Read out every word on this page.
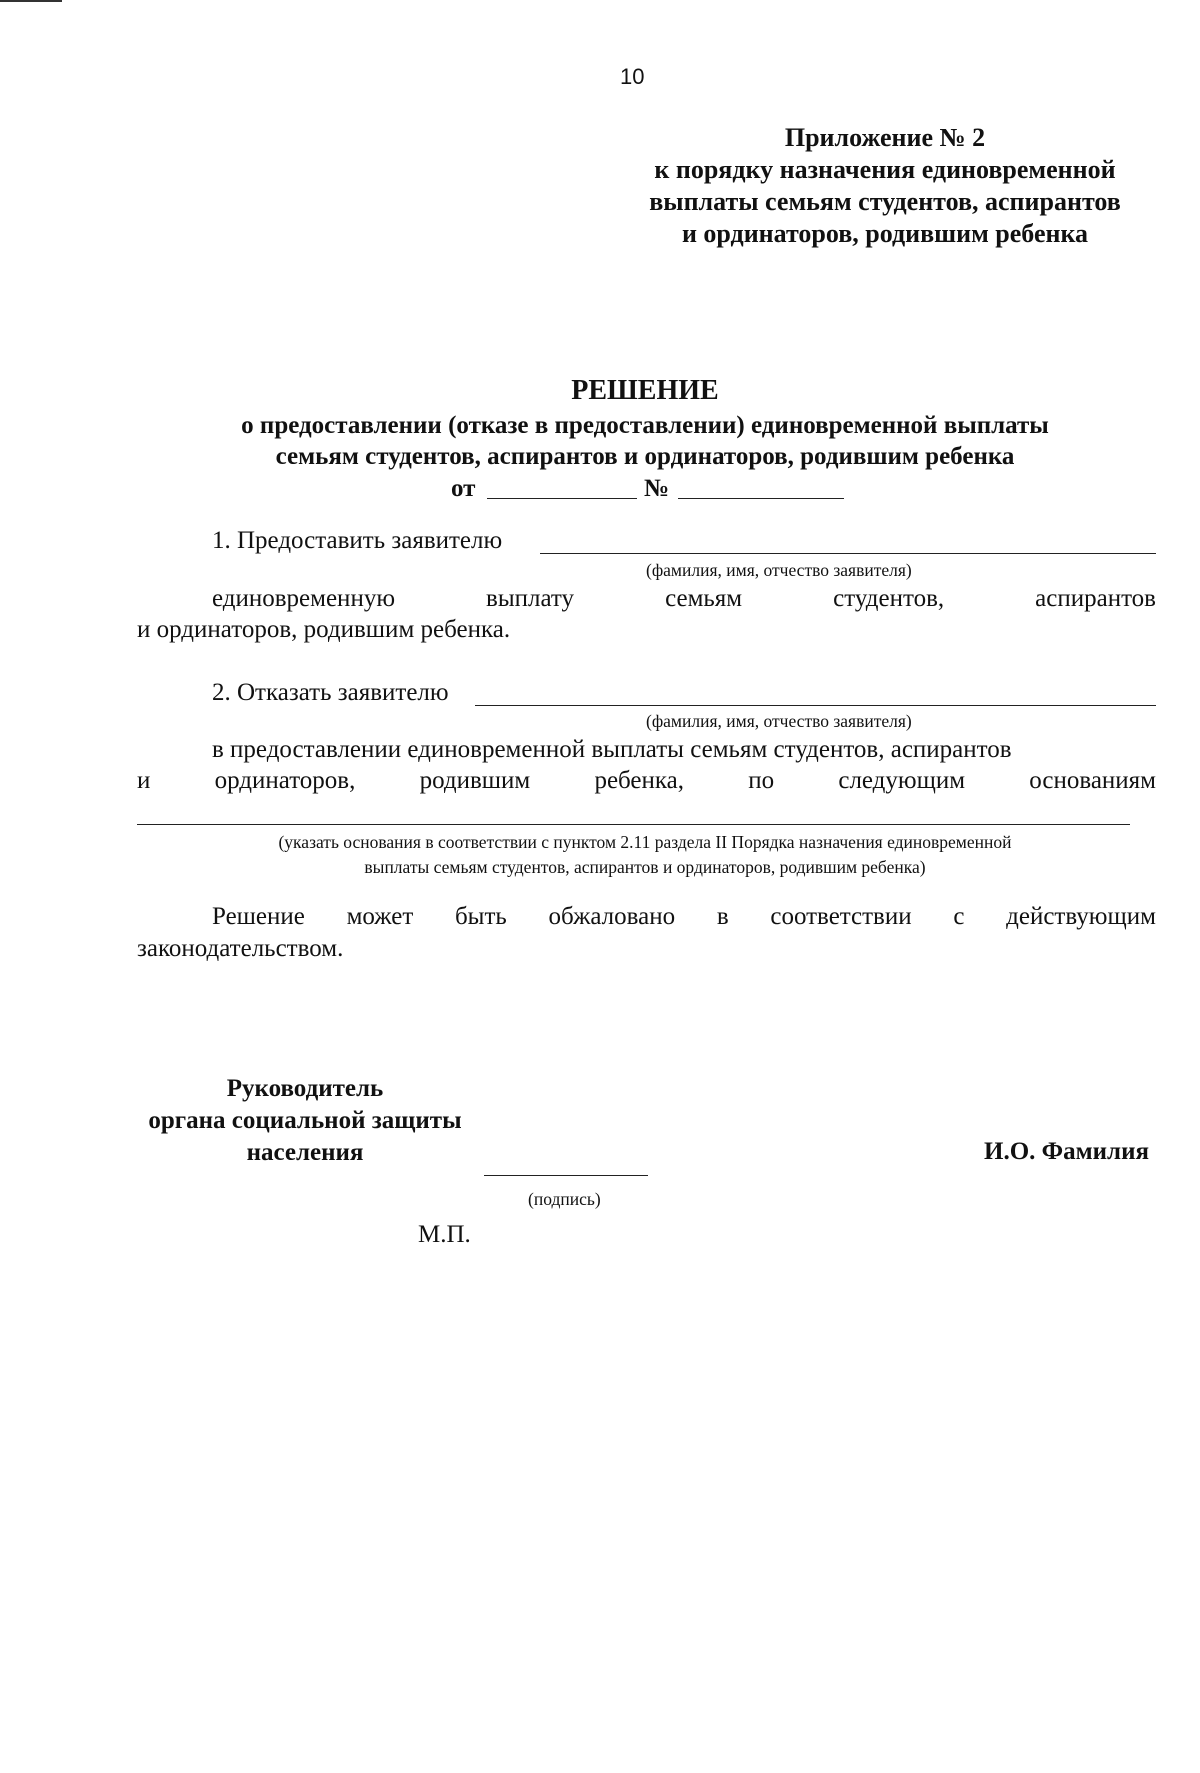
10
Приложение № 2
к порядку назначения единовременной
выплаты семьям студентов, аспирантов
и ординаторов, родившим ребенка
РЕШЕНИЕ
о предоставлении (отказе в предоставлении) единовременной выплаты
семьям студентов, аспирантов и ординаторов, родившим ребенка
от	№
1. Предоставить заявителю
(фамилия, имя, отчество заявителя)
единовременную	выплату	семьям	студентов,	аспирантов
и ординаторов, родившим ребенка.
2. Отказать заявителю
(фамилия, имя, отчество заявителя)
в предоставлении единовременной выплаты семьям студентов, аспирантов
и	ординаторов,	родившим	ребенка,	по	следующим	основаниям
(указать основания в соответствии с пунктом 2.11 раздела II Порядка назначения единовременной
выплаты семьям студентов, аспирантов и ординаторов, родившим ребенка)
Решение может быть обжаловано в соответствии с действующим
законодательством.
Руководитель
органа социальной защиты
населения	И.О. Фамилия
(подпись)
М.П.
